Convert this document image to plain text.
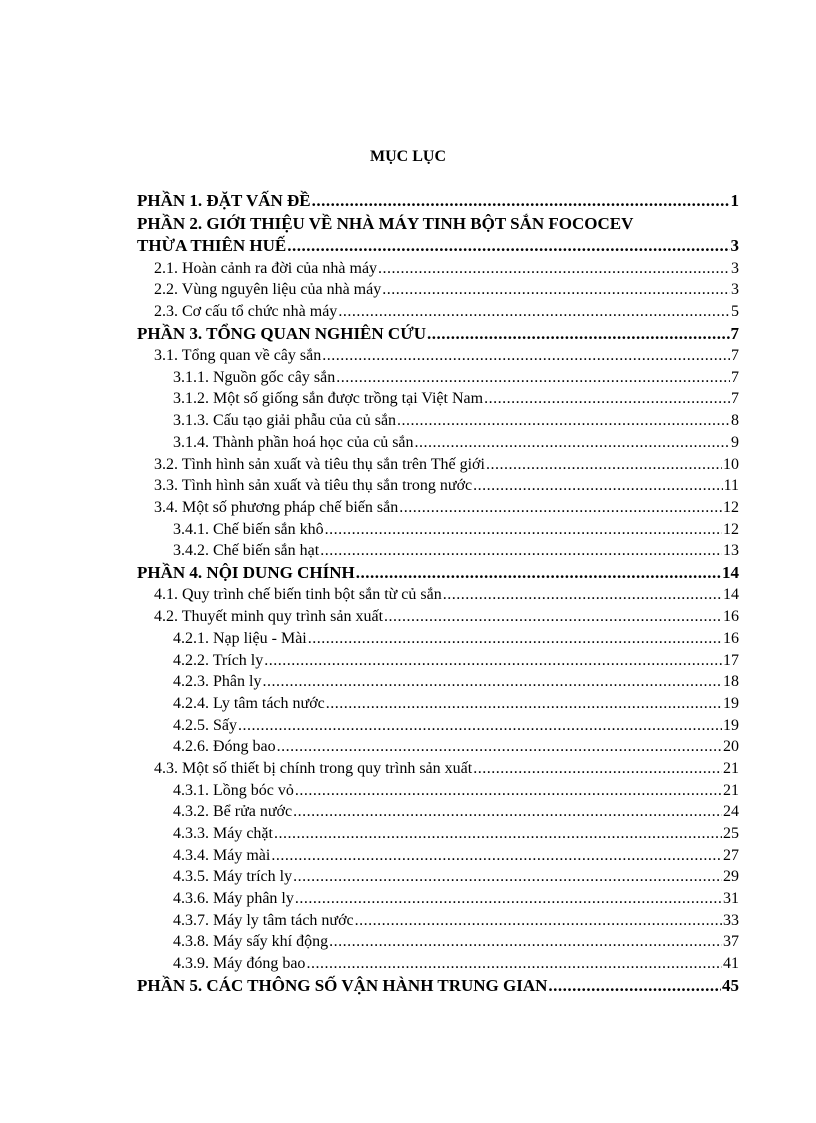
MỤC LỤC
PHẦN 1. ĐẶT VẤN ĐỀ .....	1
PHẦN 2. GIỚI THIỆU VỀ NHÀ MÁY TINH BỘT SẮN FOCOCEV
THỪA THIÊN HUẾ .....	3
2.1. Hoàn cảnh ra đời của nhà máy .....	3
2.2. Vùng nguyên liệu của nhà máy .....	3
2.3. Cơ cấu tổ chức nhà máy .....	5
PHẦN 3. TỔNG QUAN NGHIÊN CỨU .....	7
3.1. Tổng quan về cây sắn .....	7
3.1.1. Nguồn gốc cây sắn .....	7
3.1.2. Một số giống sắn được trồng tại Việt Nam .....	7
3.1.3. Cấu tạo giải phẫu của củ sắn .....	8
3.1.4. Thành phần hoá học của củ sắn .....	9
3.2. Tình hình sản xuất và tiêu thụ sắn trên Thế giới .....	10
3.3. Tình hình sản xuất và tiêu thụ sắn trong nước .....	11
3.4. Một số phương pháp chế biến sắn .....	12
3.4.1. Chế biến sắn khô .....	12
3.4.2. Chế biến sắn hạt .....	13
PHẦN 4. NỘI DUNG CHÍNH .....	14
4.1. Quy trình chế biến tinh bột sắn từ củ sắn .....	14
4.2. Thuyết minh quy trình sản xuất .....	16
4.2.1. Nạp liệu - Mài .....	16
4.2.2. Trích ly .....	17
4.2.3. Phân ly .....	18
4.2.4. Ly tâm tách nước .....	19
4.2.5. Sấy .....	19
4.2.6. Đóng bao .....	20
4.3. Một số thiết bị chính trong quy trình sản xuất .....	21
4.3.1. Lồng bóc vỏ .....	21
4.3.2. Bể rửa nước .....	24
4.3.3. Máy chặt .....	25
4.3.4. Máy mài .....	27
4.3.5. Máy trích ly .....	29
4.3.6. Máy phân ly .....	31
4.3.7. Máy ly tâm tách nước .....	33
4.3.8. Máy sấy khí động .....	37
4.3.9. Máy đóng bao .....	41
PHẦN 5. CÁC THÔNG SỐ VẬN HÀNH TRUNG GIAN .....	45
